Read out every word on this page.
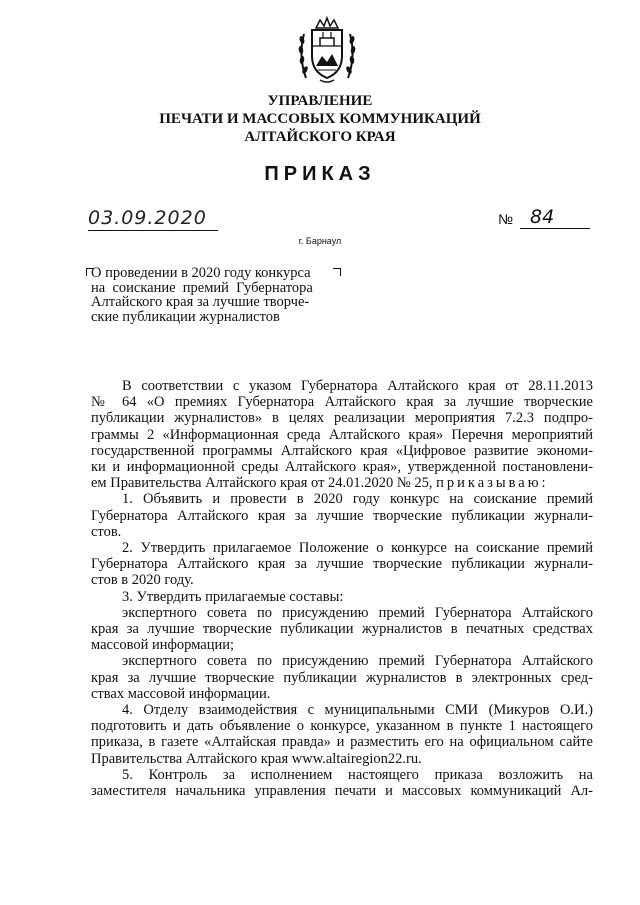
УПРАВЛЕНИЕ
ПЕЧАТИ И МАССОВЫХ КОММУНИКАЦИЙ
АЛТАЙСКОГО КРАЯ
ПРИКАЗ
03.09.2020	№ 84
г. Барнаул
О проведении в 2020 году конкурса
на  соискание  премий  Губернатора
Алтайского края за лучшие творче-
ские публикации журналистов

В соответствии с указом Губернатора Алтайского края от 28.11.2013

№ 64 «О премиях Губернатора Алтайского края за лучшие творческие

публикации журналистов» в целях реализации мероприятия 7.2.3 подпро-

граммы 2 «Информационная среда Алтайского края» Перечня мероприятий

государственной программы Алтайского края «Цифровое развитие экономи-

ки и информационной среды Алтайского края», утвержденной постановлени-

ем Правительства Алтайского края от 24.01.2020 № 25, приказываю:

1. Объявить и провести в 2020 году конкурс на соискание премий

Губернатора Алтайского края за лучшие творческие публикации журнали-

стов.

2. Утвердить прилагаемое Положение о конкурсе на соискание премий

Губернатора Алтайского края за лучшие творческие публикации журнали-

стов в 2020 году.

3. Утвердить прилагаемые составы:

экспертного совета по присуждению премий Губернатора Алтайского

края за лучшие творческие публикации журналистов в печатных средствах

массовой информации;

экспертного совета по присуждению премий Губернатора Алтайского

края за лучшие творческие публикации журналистов в электронных сред-

ствах массовой информации.

4. Отделу взаимодействия с муниципальными СМИ (Микуров О.И.)

подготовить и дать объявление о конкурсе, указанном в пункте 1 настоящего

приказа, в газете «Алтайская правда» и разместить его на официальном сайте

Правительства Алтайского края www.altairegion22.ru.

5. Контроль за исполнением настоящего приказа возложить на

заместителя начальника управления печати и массовых коммуникаций Ал-
